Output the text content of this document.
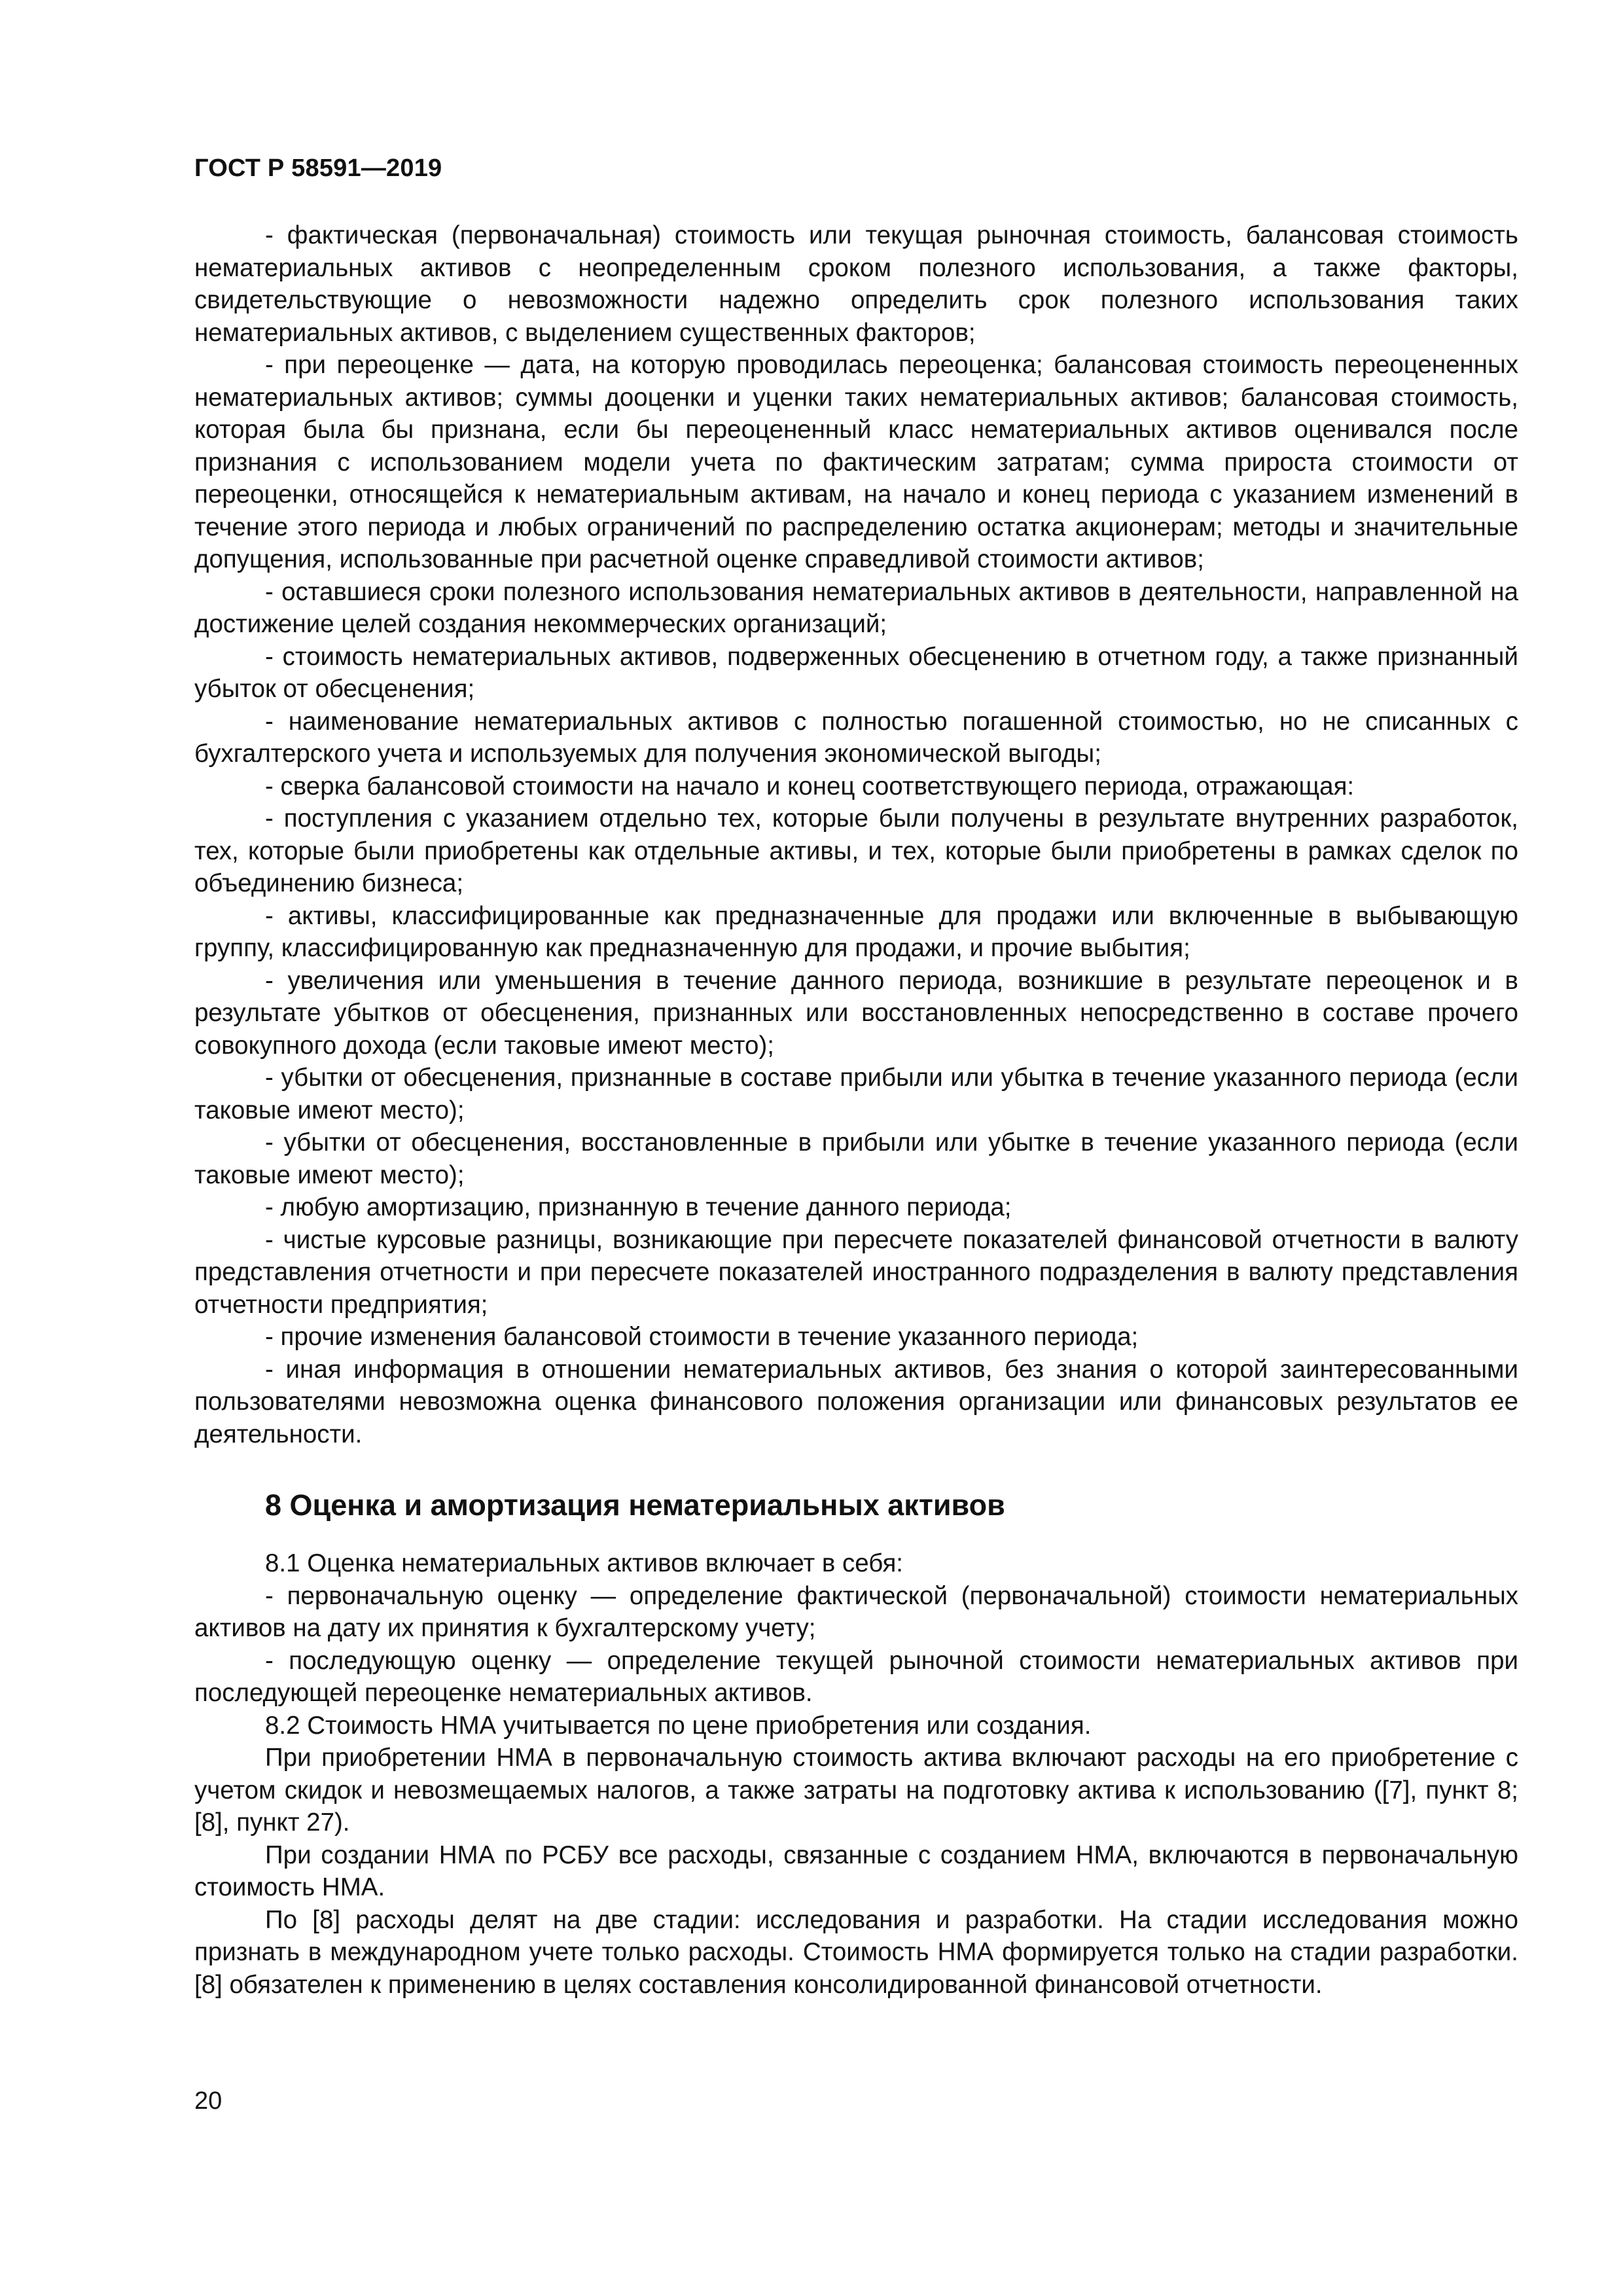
ГОСТ Р 58591—2019

- фактическая (первоначальная) стоимость или текущая рыночная стоимость, балансовая стоимость нематериальных активов с неопределенным сроком полезного использования, а также факторы, свидетельствующие о невозможности надежно определить срок полезного использования таких нематериальных активов, с выделением существенных факторов;

- при переоценке — дата, на которую проводилась переоценка; балансовая стоимость переоцененных нематериальных активов; суммы дооценки и уценки таких нематериальных активов; балансовая стоимость, которая была бы признана, если бы переоцененный класс нематериальных активов оценивался после признания с использованием модели учета по фактическим затратам; сумма прироста стоимости от переоценки, относящейся к нематериальным активам, на начало и конец периода с указанием изменений в течение этого периода и любых ограничений по распределению остатка акционерам; методы и значительные допущения, использованные при расчетной оценке справедливой стоимости активов;

- оставшиеся сроки полезного использования нематериальных активов в деятельности, направленной на достижение целей создания некоммерческих организаций;

- стоимость нематериальных активов, подверженных обесценению в отчетном году, а также признанный убыток от обесценения;

- наименование нематериальных активов с полностью погашенной стоимостью, но не списанных с бухгалтерского учета и используемых для получения экономической выгоды;

- сверка балансовой стоимости на начало и конец соответствующего периода, отражающая:

- поступления с указанием отдельно тех, которые были получены в результате внутренних разработок, тех, которые были приобретены как отдельные активы, и тех, которые были приобретены в рамках сделок по объединению бизнеса;

- активы, классифицированные как предназначенные для продажи или включенные в выбывающую группу, классифицированную как предназначенную для продажи, и прочие выбытия;

- увеличения или уменьшения в течение данного периода, возникшие в результате переоценок и в результате убытков от обесценения, признанных или восстановленных непосредственно в составе прочего совокупного дохода (если таковые имеют место);

- убытки от обесценения, признанные в составе прибыли или убытка в течение указанного периода (если таковые имеют место);

- убытки от обесценения, восстановленные в прибыли или убытке в течение указанного периода (если таковые имеют место);

- любую амортизацию, признанную в течение данного периода;

- чистые курсовые разницы, возникающие при пересчете показателей финансовой отчетности в валюту представления отчетности и при пересчете показателей иностранного подразделения в валюту представления отчетности предприятия;

- прочие изменения балансовой стоимости в течение указанного периода;

- иная информация в отношении нематериальных активов, без знания о которой заинтересованными пользователями невозможна оценка финансового положения организации или финансовых результатов ее деятельности.

8 Оценка и амортизация нематериальных активов

8.1 Оценка нематериальных активов включает в себя:

- первоначальную оценку — определение фактической (первоначальной) стоимости нематериальных активов на дату их принятия к бухгалтерскому учету;

- последующую оценку — определение текущей рыночной стоимости нематериальных активов при последующей переоценке нематериальных активов.

8.2 Стоимость НМА учитывается по цене приобретения или создания.

При приобретении НМА в первоначальную стоимость актива включают расходы на его приобретение с учетом скидок и невозмещаемых налогов, а также затраты на подготовку актива к использованию ([7], пункт 8; [8], пункт 27).

При создании НМА по РСБУ все расходы, связанные с созданием НМА, включаются в первоначальную стоимость НМА.

По [8] расходы делят на две стадии: исследования и разработки. На стадии исследования можно признать в международном учете только расходы. Стоимость НМА формируется только на стадии разработки. [8] обязателен к применению в целях составления консолидированной финансовой отчетности.

20
